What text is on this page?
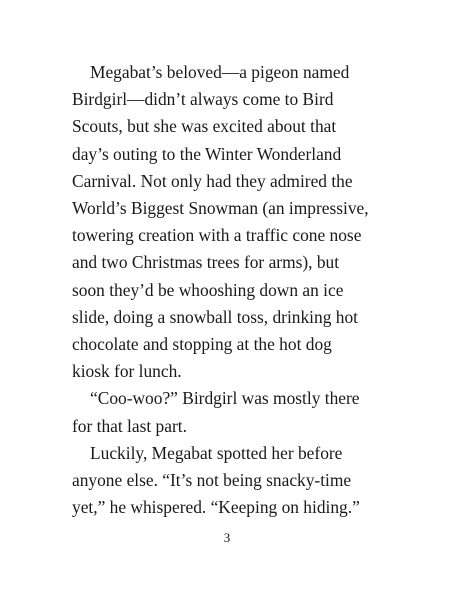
Megabat’s beloved—a pigeon named
Birdgirl—didn’t always come to Bird
Scouts, but she was excited about that
day’s outing to the Winter Wonderland
Carnival. Not only had they admired the
World’s Biggest Snowman (an impressive,
towering creation with a traffic cone nose
and two Christmas trees for arms), but
soon they’d be whooshing down an ice
slide, doing a snowball toss, drinking hot
chocolate and stopping at the hot dog
kiosk for lunch.
“Coo-woo?” Birdgirl was mostly there
for that last part.
Luckily, Megabat spotted her before
anyone else. “It’s not being snacky-time
yet,” he whispered. “Keeping on hiding.”
3
